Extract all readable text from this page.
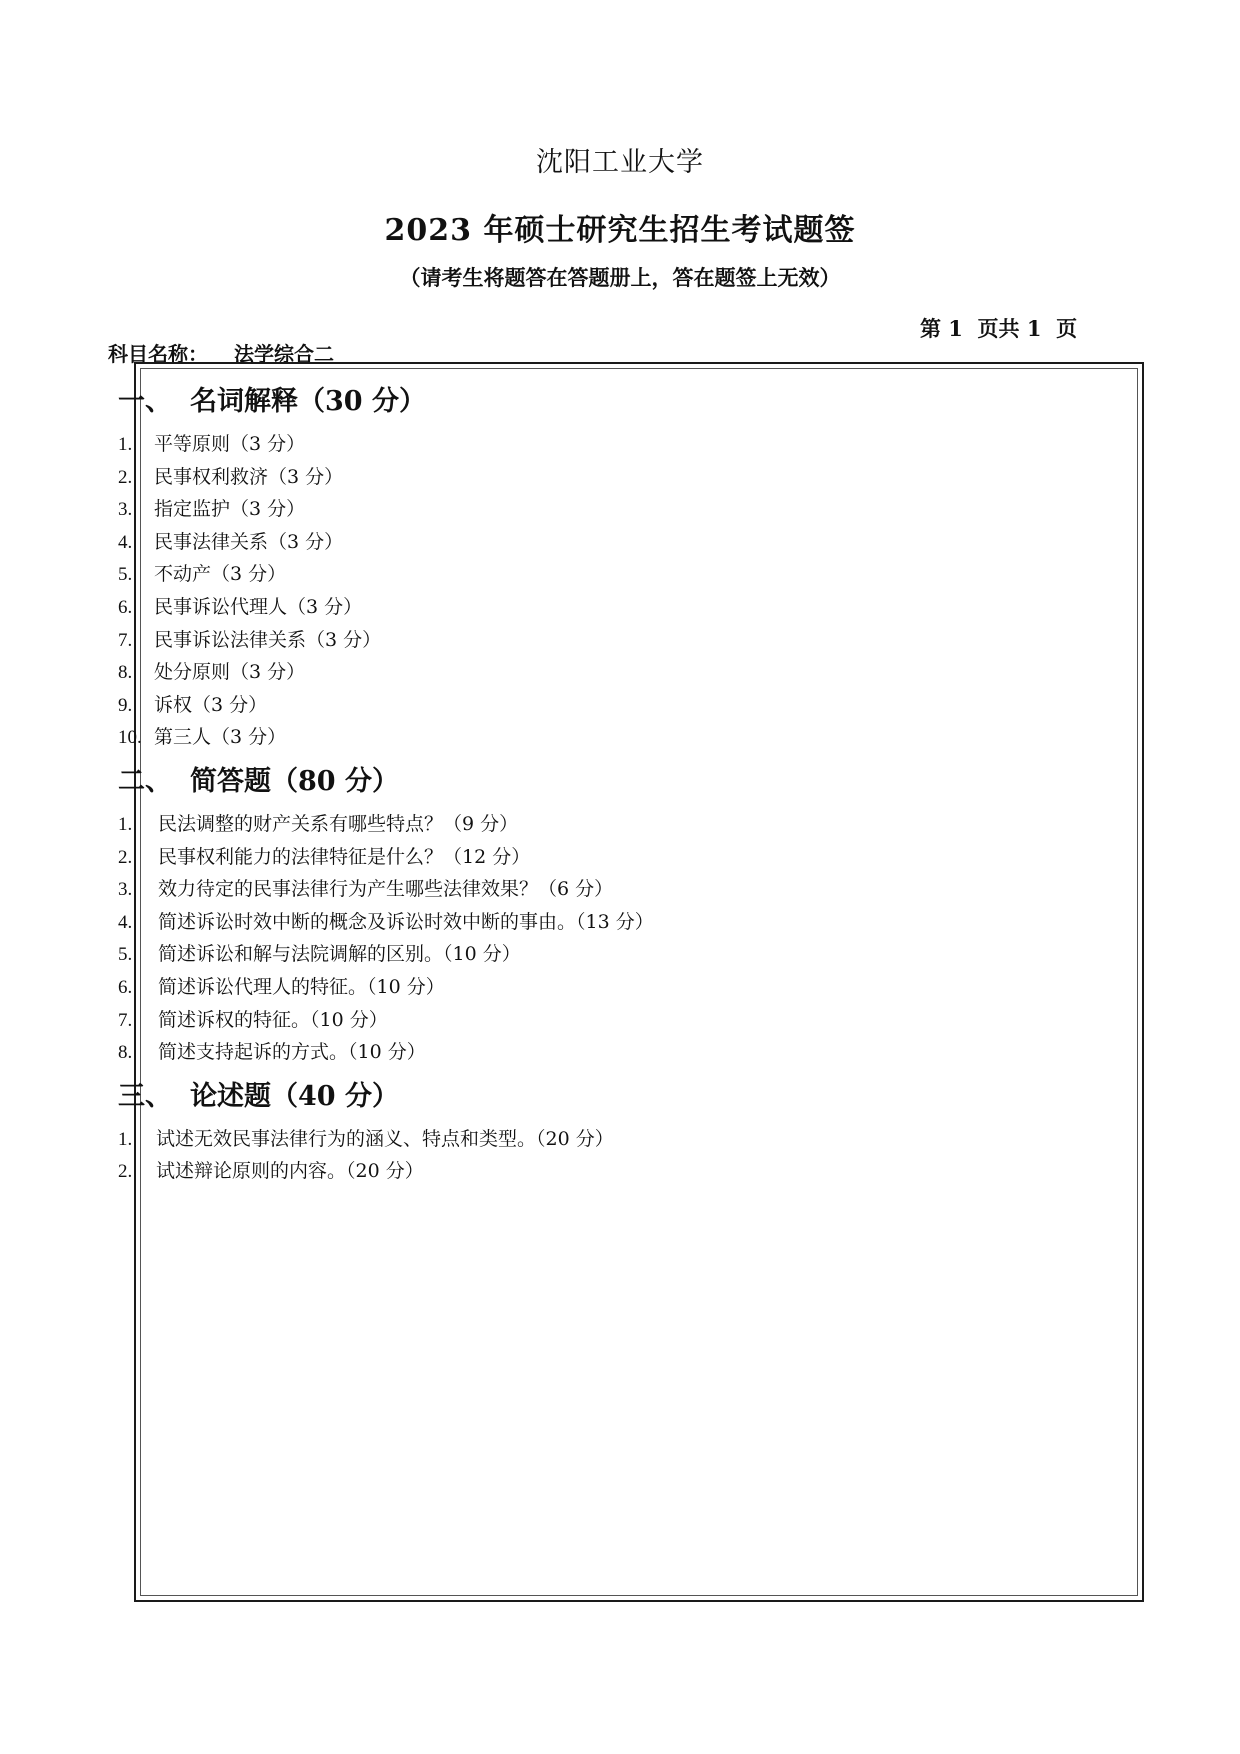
沈阳工业大学
2023 年硕士研究生招生考试题签
（请考生将题答在答题册上，答在题签上无效）
第 1  页共 1  页
科目名称： 法学综合二
一、 名词解释（30 分）
1. 平等原则（3 分）
2. 民事权利救济（3 分）
3. 指定监护（3 分）
4. 民事法律关系（3 分）
5. 不动产（3 分）
6. 民事诉讼代理人（3 分）
7. 民事诉讼法律关系（3 分）
8. 处分原则（3 分）
9. 诉权（3 分）
10. 第三人（3 分）
二、 简答题（80 分）
1. 民法调整的财产关系有哪些特点？（9 分）
2. 民事权利能力的法律特征是什么？（12 分）
3. 效力待定的民事法律行为产生哪些法律效果？（6 分）
4. 简述诉讼时效中断的概念及诉讼时效中断的事由。（13 分）
5. 简述诉讼和解与法院调解的区别。（10 分）
6. 简述诉讼代理人的特征。（10 分）
7. 简述诉权的特征。（10 分）
8. 简述支持起诉的方式。（10 分）
三、 论述题（40 分）
1. 试述无效民事法律行为的涵义、特点和类型。（20 分）
2. 试述辩论原则的内容。（20 分）
